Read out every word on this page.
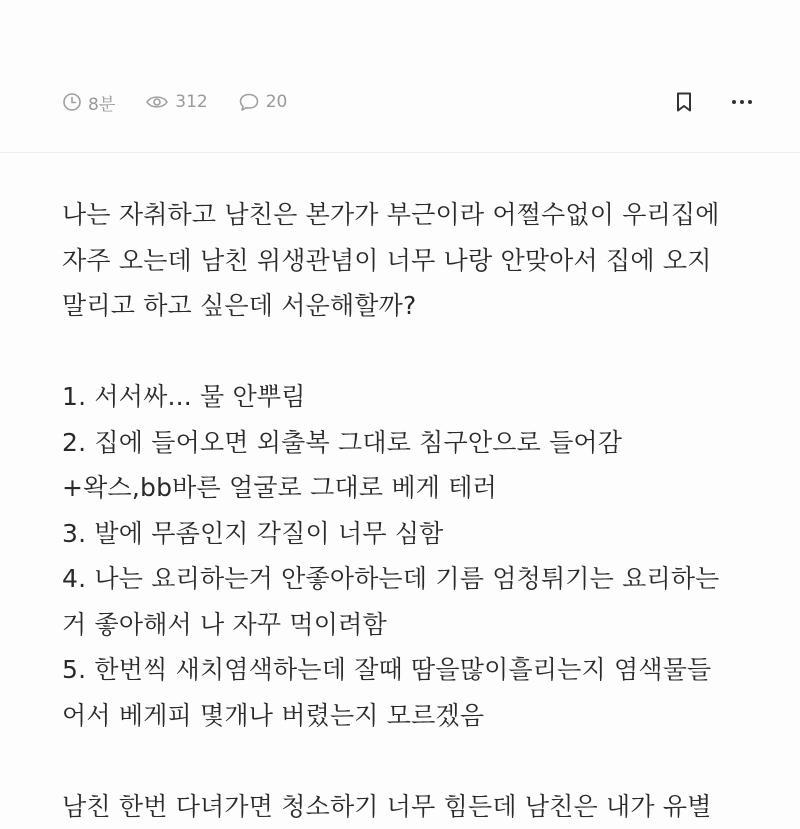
8분	312	20
나는 자취하고 남친은 본가가 부근이라 어쩔수없이 우리집에
자주 오는데 남친 위생관념이 너무 나랑 안맞아서 집에 오지
말리고 하고 싶은데 서운해할까?
1. 서서싸... 물 안뿌림
2. 집에 들어오면 외출복 그대로 침구안으로 들어감
+왁스,bb바른 얼굴로 그대로 베게 테러
3. 발에 무좀인지 각질이 너무 심함
4. 나는 요리하는거 안좋아하는데 기름 엄청튀기는 요리하는
거 좋아해서 나 자꾸 먹이려함
5. 한번씩 새치염색하는데 잘때 땀을많이흘리는지 염색물들
어서 베게피 몇개나 버렸는지 모르겠음
남친 한번 다녀가면 청소하기 너무 힘든데 남친은 내가 유별
